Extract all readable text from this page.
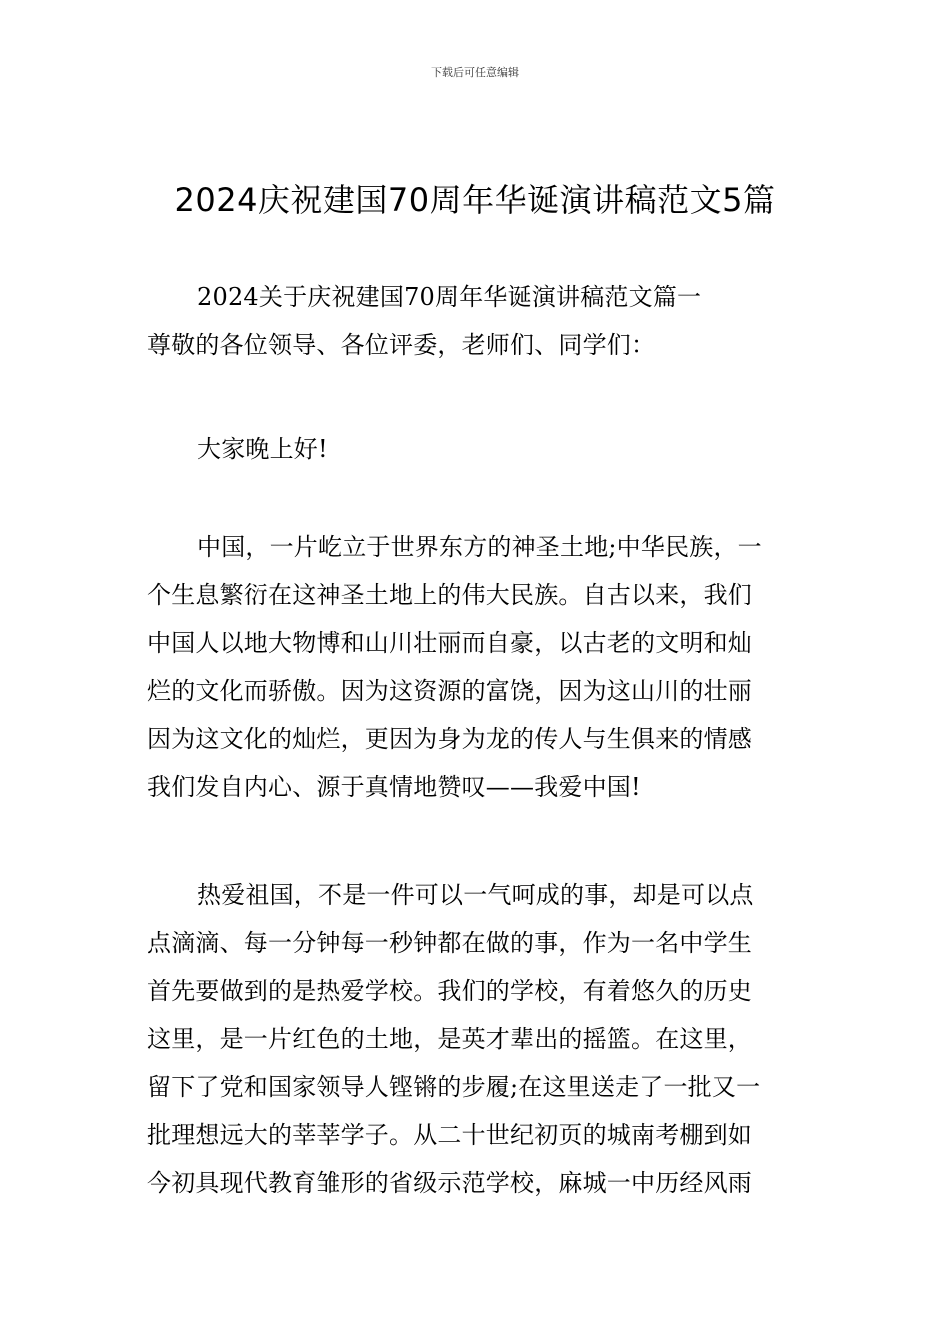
下载后可任意编辑
2024庆祝建国70周年华诞演讲稿范文5篇
2024关于庆祝建国70周年华诞演讲稿范文篇一
尊敬的各位领导、各位评委，老师们、同学们：
大家晚上好!
中国，一片屹立于世界东方的神圣土地;中华民族，一
个生息繁衍在这神圣土地上的伟大民族。自古以来，我们
中国人以地大物博和山川壮丽而自豪，以古老的文明和灿
烂的文化而骄傲。因为这资源的富饶，因为这山川的壮丽
因为这文化的灿烂，更因为身为龙的传人与生俱来的情感
我们发自内心、源于真情地赞叹——我爱中国!
热爱祖国，不是一件可以一气呵成的事，却是可以点
点滴滴、每一分钟每一秒钟都在做的事，作为一名中学生
首先要做到的是热爱学校。我们的学校，有着悠久的历史
这里，是一片红色的土地，是英才辈出的摇篮。在这里，
留下了党和国家领导人铿锵的步履;在这里送走了一批又一
批理想远大的莘莘学子。从二十世纪初页的城南考棚到如
今初具现代教育雏形的省级示范学校，麻城一中历经风雨
